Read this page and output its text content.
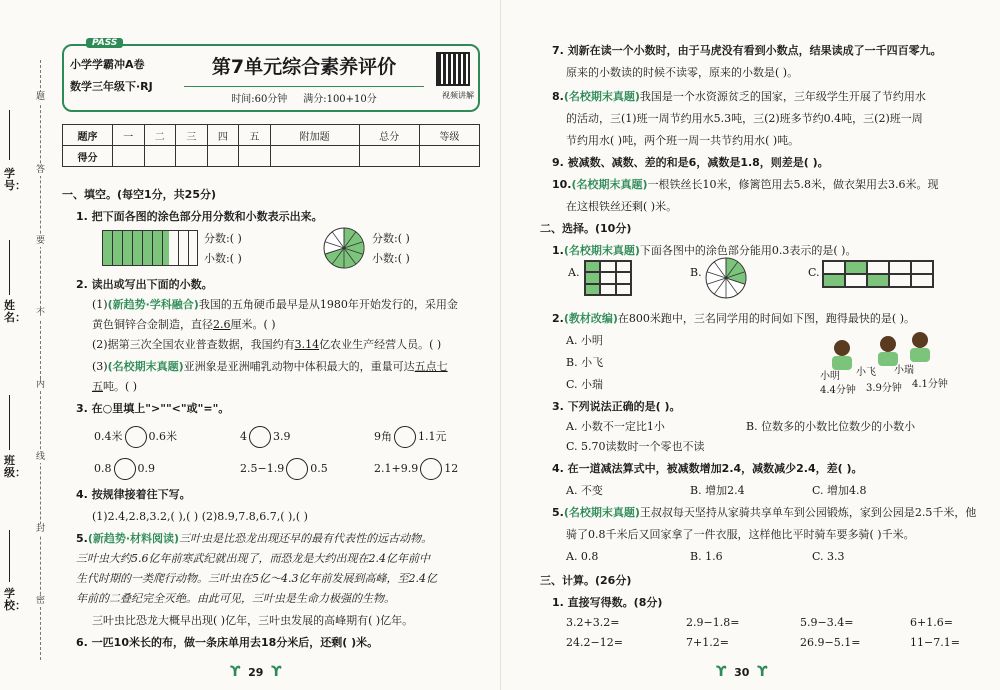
学号：
姓名：
班级：
学校：
题
答
要
不
内
线
封
密
PASS
小学学霸冲A卷
数学三年级下·RJ
第7单元综合素养评价
时间:60分钟 满分:100+10分	视频讲解
题序	一	二	三	四	五	附加题	总分	等级
得分								
一、填空。(每空1分，共25分)
1. 把下面各图的涂色部分用分数和小数表示出来。
分数:( )
小数:( )
分数:( )
小数:( )
2. 读出或写出下面的小数。
(1)(新趋势·学科融合)我国的五角硬币最早是从1980年开始发行的，采用金
黄色铜锌合金制造，直径2.6厘米。( )
(2)据第三次全国农业普查数据，我国约有3.14亿农业生产经营人员。( )
(3)(名校期末真题)亚洲象是亚洲哺乳动物中体积最大的，重量可达五点七
五吨。( )
3. 在○里填上">""<"或"="。
0.4米 0.6米	4 3.9	9角 1.1元
0.8 0.9	2.5−1.9 0.5	2.1+9.9 12
4. 按规律接着往下写。
(1)2.4,2.8,3.2,( ),( ) (2)8.9,7.8,6.7,( ),( )
5.(新趋势·材料阅读)三叶虫是比恐龙出现还早的最有代表性的远古动物。
三叶虫大约5.6亿年前寒武纪就出现了，而恐龙是大约出现在2.4亿年前中
生代时期的一类爬行动物。三叶虫在5亿～4.3亿年前发展到高峰，至2.4亿
年前的二叠纪完全灭绝。由此可见，三叶虫是生命力极强的生物。
三叶虫比恐龙大概早出现( )亿年，三叶虫发展的高峰期有( )亿年。
6. 一匹10米长的布，做一条床单用去18分米后，还剩( )米。
ϒ 29 ϒ
7. 刘新在读一个小数时，由于马虎没有看到小数点，结果读成了一千四百零九。
原来的小数读的时候不读零，原来的小数是( )。
8.(名校期末真题)我国是一个水资源贫乏的国家，三年级学生开展了节约用水
的活动，三(1)班一周节约用水5.3吨，三(2)班多节约0.4吨，三(2)班一周
节约用水( )吨，两个班一周一共节约用水( )吨。
9. 被减数、减数、差的和是6，减数是1.8，则差是( )。
10.(名校期末真题)一根铁丝长10米，修篱笆用去5.8米，做衣架用去3.6米。现
在这根铁丝还剩( )米。
二、选择。(10分)
1.(名校期末真题)下面各图中的涂色部分能用0.3表示的是( )。
A.	B.	C.
2.(教材改编)在800米跑中，三名同学用的时间如下图，跑得最快的是( )。
A. 小明
B. 小飞
C. 小瑞
小明 小飞 小瑞
4.4分钟 3.9分钟 4.1分钟
3. 下列说法正确的是( )。
A. 小数不一定比1小	B. 位数多的小数比位数少的小数小
C. 5.70读数时一个零也不读
4. 在一道减法算式中，被减数增加2.4，减数减少2.4，差( )。
A. 不变	B. 增加2.4	C. 增加4.8
5.(名校期末真题)王叔叔每天坚持从家骑共享单车到公园锻炼，家到公园是2.5千米，他
骑了0.8千米后又回家拿了一件衣服，这样他比平时骑车要多骑( )千米。
A. 0.8	B. 1.6	C. 3.3
三、计算。(26分)
1. 直接写得数。(8分)
3.2+3.2=	2.9−1.8=	5.9−3.4=	6+1.6=
24.2−12=	7+1.2=	26.9−5.1=	11−7.1=
ϒ 30 ϒ
